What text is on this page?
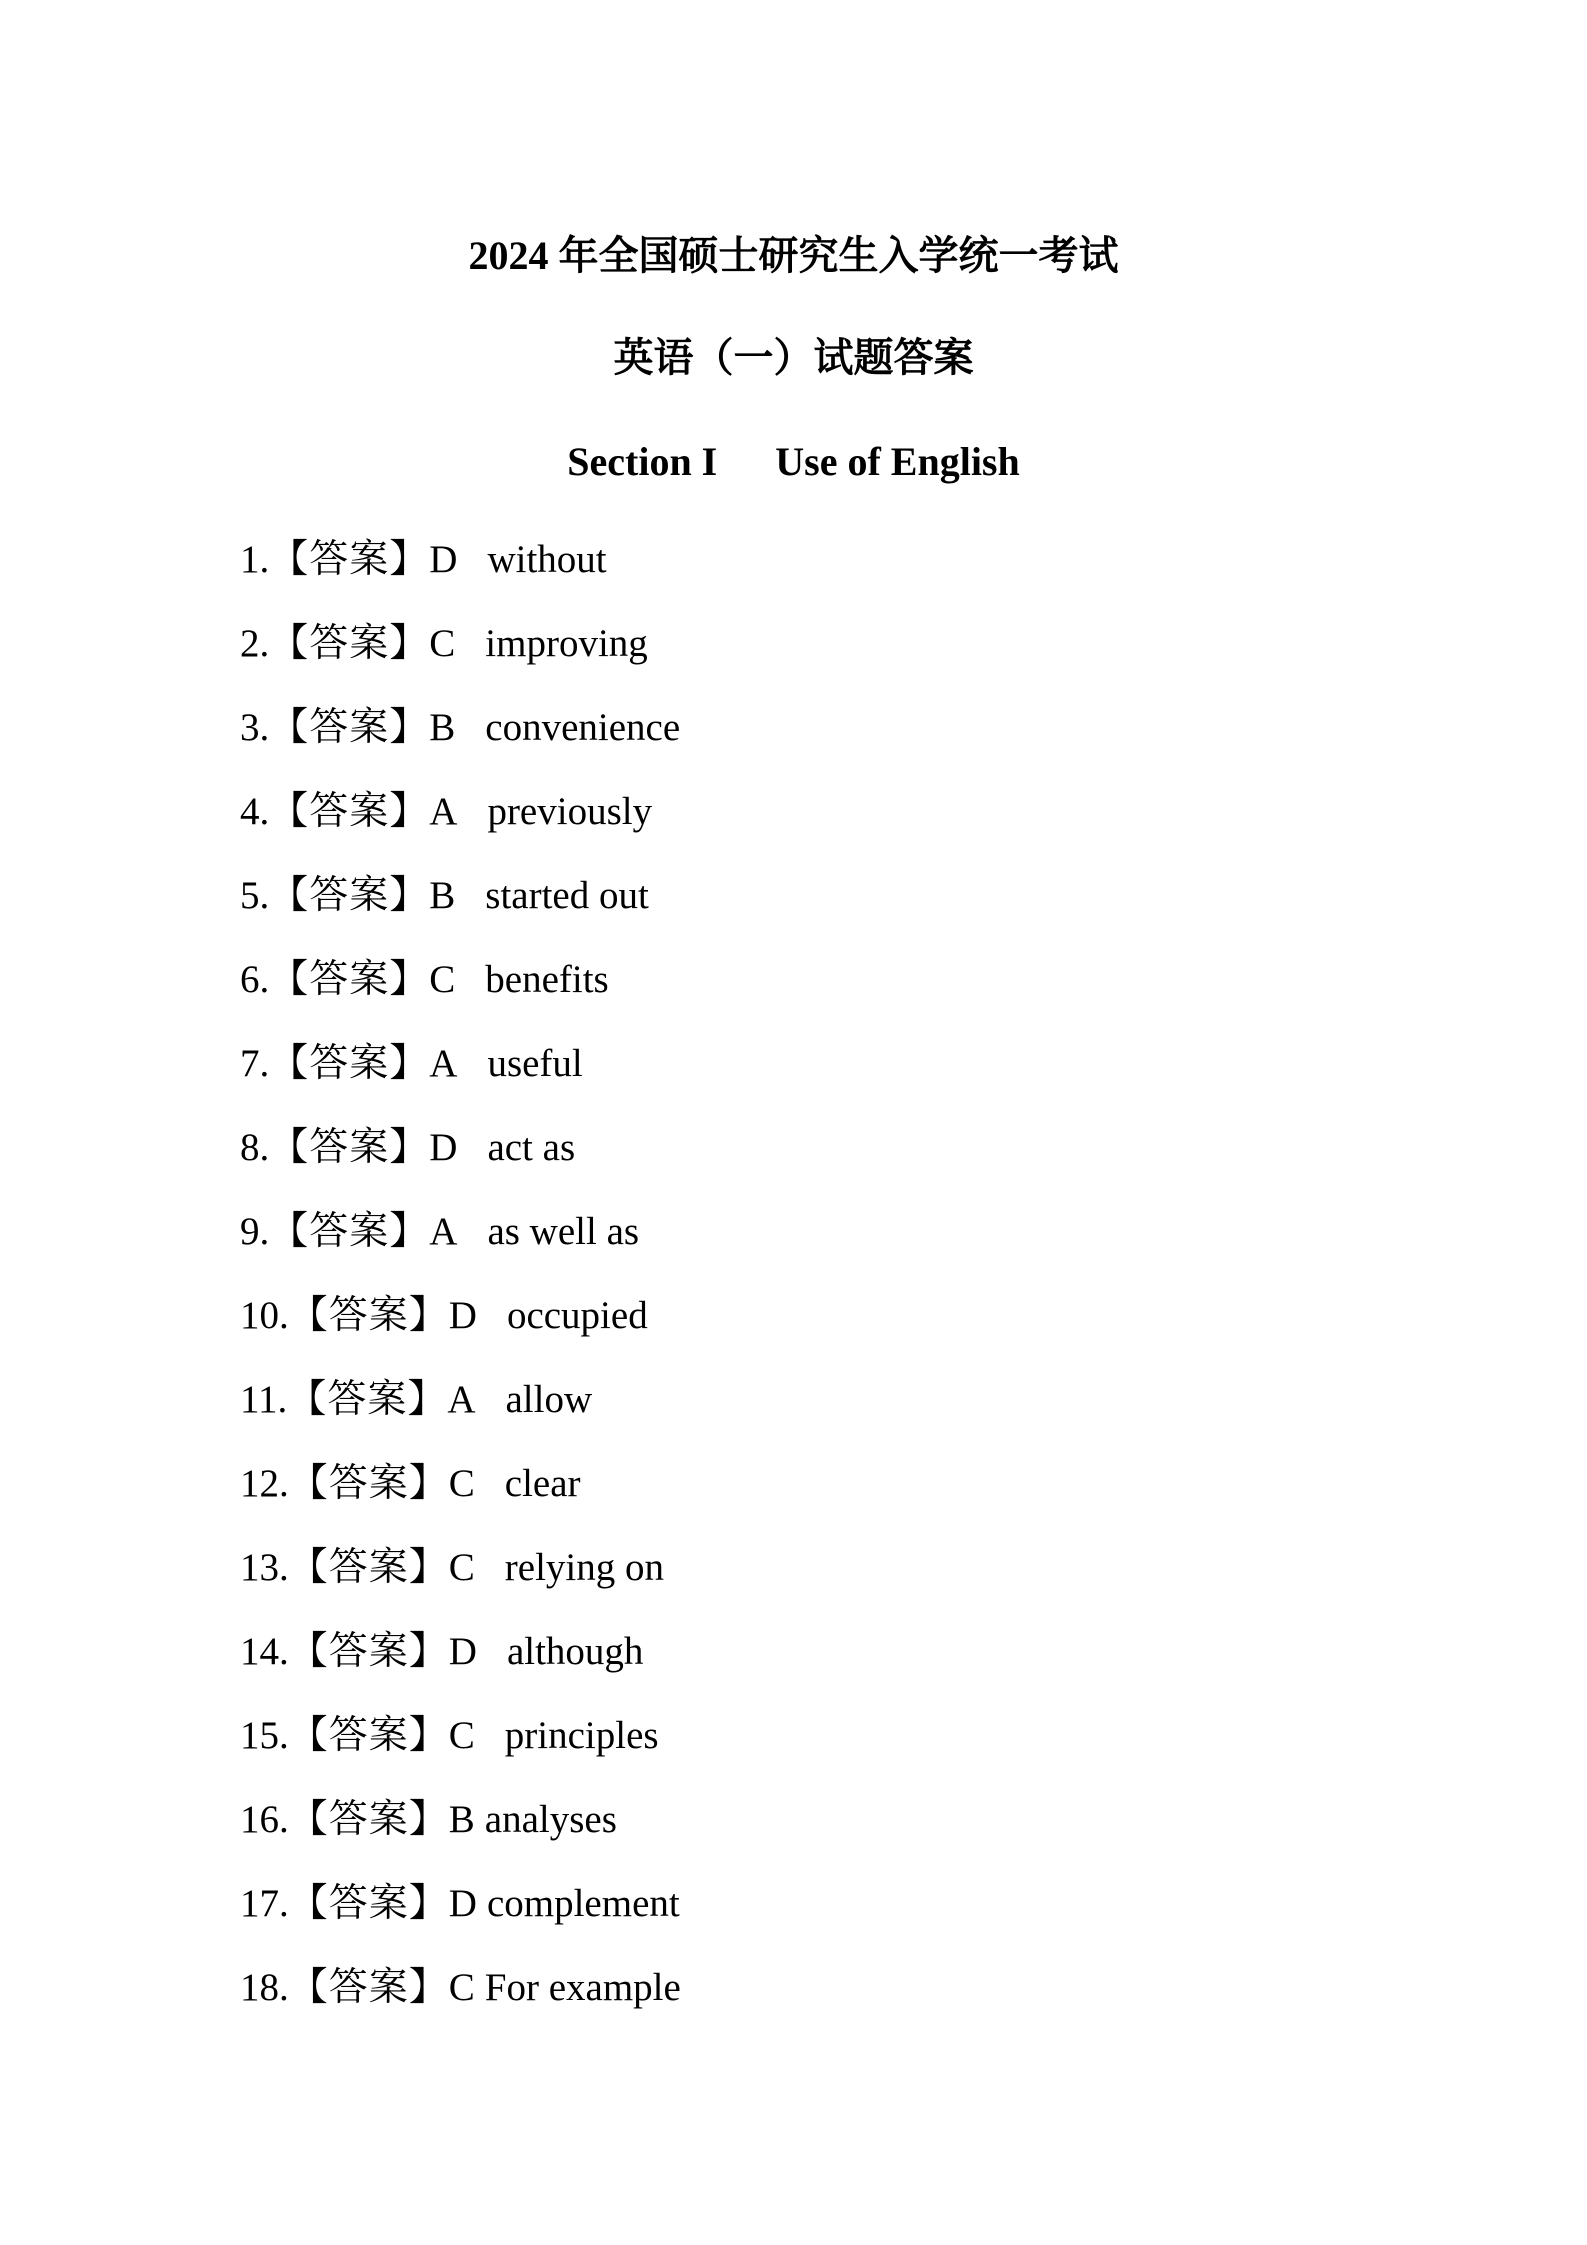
2024 年全国硕士研究生入学统一考试
英语（一）试题答案
Section I Use of English
1.【答案】D without
2.【答案】C improving
3.【答案】B convenience
4.【答案】A previously
5.【答案】B started out
6.【答案】C benefits
7.【答案】A useful
8.【答案】D act as
9.【答案】A as well as
10.【答案】D occupied
11.【答案】A allow
12.【答案】C clear
13.【答案】C relying on
14.【答案】D although
15.【答案】C principles
16.【答案】B analyses
17.【答案】D complement
18.【答案】C For example
